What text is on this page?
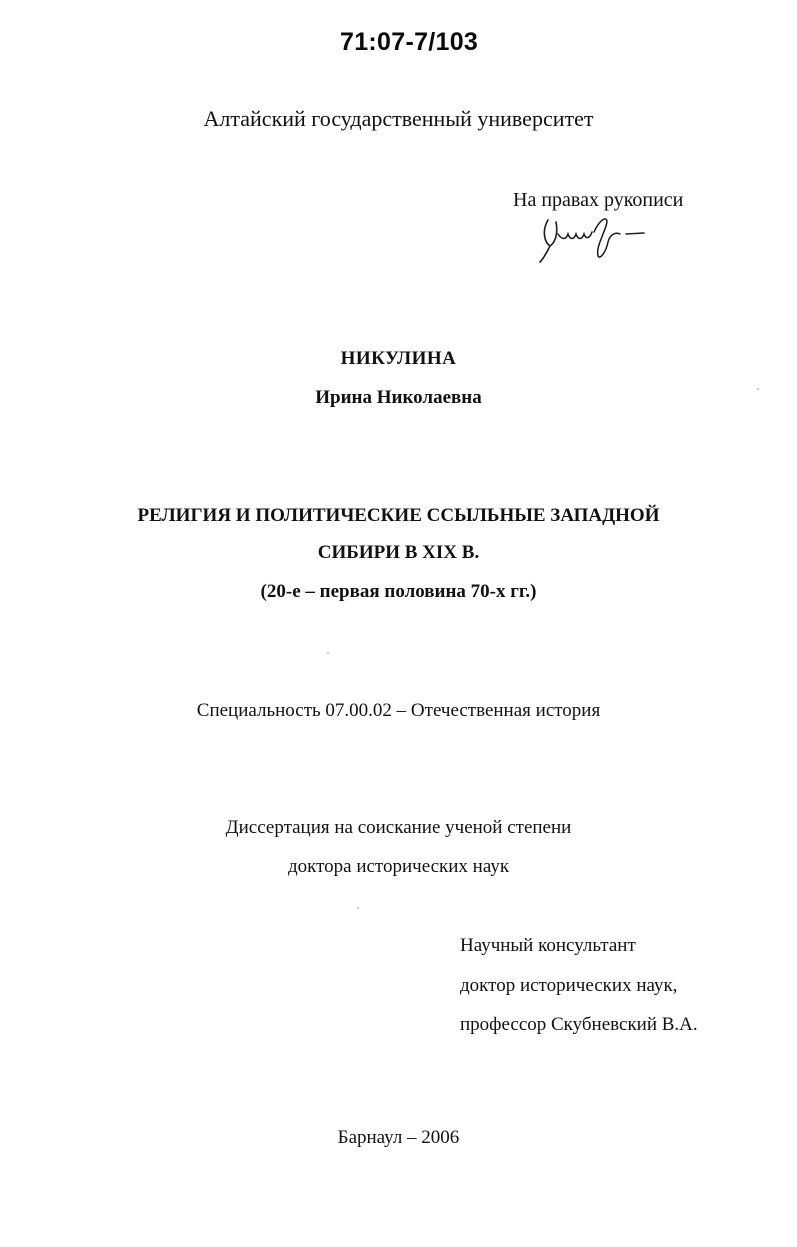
71:07-7/103
Алтайский государственный университет
На правах рукописи
НИКУЛИНА
Ирина Николаевна
РЕЛИГИЯ И ПОЛИТИЧЕСКИЕ ССЫЛЬНЫЕ ЗАПАДНОЙ
СИБИРИ В XIX В.
(20-е – первая половина 70-х гг.)
Специальность 07.00.02 – Отечественная история
Диссертация на соискание ученой степени
доктора исторических наук
Научный консультант
доктор исторических наук,
профессор Скубневский В.А.
Барнаул – 2006
